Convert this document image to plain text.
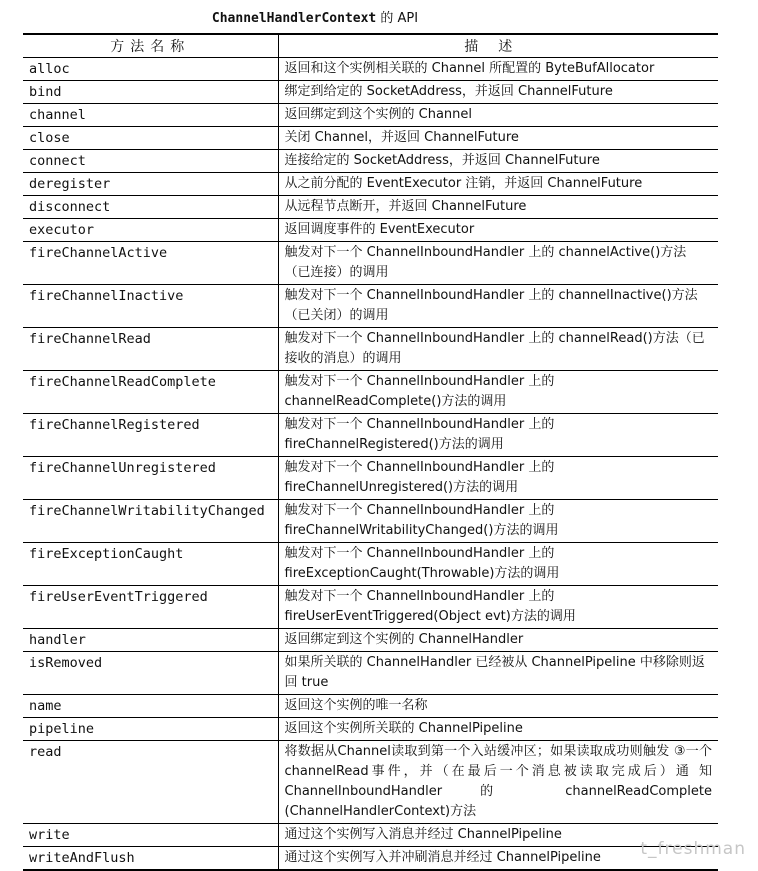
ChannelHandlerContext 的 API
方法名称	描述
alloc	返回和这个实例相关联的 Channel 所配置的 ByteBufAllocator
bind	绑定到给定的 SocketAddress，并返回 ChannelFuture
channel	返回绑定到这个实例的 Channel
close	关闭 Channel，并返回 ChannelFuture
connect	连接给定的 SocketAddress，并返回 ChannelFuture
deregister	从之前分配的 EventExecutor 注销，并返回 ChannelFuture
disconnect	从远程节点断开，并返回 ChannelFuture
executor	返回调度事件的 EventExecutor
fireChannelActive	触发对下一个 ChannelInboundHandler 上的 channelActive()方法（已连接）的调用
fireChannelInactive	触发对下一个 ChannelInboundHandler 上的 channelInactive()方法（已关闭）的调用
fireChannelRead	触发对下一个 ChannelInboundHandler 上的 channelRead()方法（已接收的消息）的调用
fireChannelReadComplete	触发对下一个 ChannelInboundHandler 上的 channelReadComplete()方法的调用
fireChannelRegistered	触发对下一个 ChannelInboundHandler 上的 fireChannelRegistered()方法的调用
fireChannelUnregistered	触发对下一个 ChannelInboundHandler 上的 fireChannelUnregistered()方法的调用
fireChannelWritabilityChanged	触发对下一个 ChannelInboundHandler 上的 fireChannelWritabilityChanged()方法的调用
fireExceptionCaught	触发对下一个 ChannelInboundHandler 上的 fireExceptionCaught(Throwable)方法的调用
fireUserEventTriggered	触发对下一个 ChannelInboundHandler 上的 fireUserEventTriggered(Object evt)方法的调用
handler	返回绑定到这个实例的 ChannelHandler
isRemoved	如果所关联的 ChannelHandler 已经被从 ChannelPipeline 中移除则返回 true
name	返回这个实例的唯一名称
pipeline	返回这个实例所关联的 ChannelPipeline
read	将数据从Channel读取到第一个入站缓冲区；如果读取成功则触发 ③一个channelRead事件，并（在最后一个消息被读取完成后）通 知 ChannelInboundHandler 的 channelReadComplete (ChannelHandlerContext)方法
write	通过这个实例写入消息并经过 ChannelPipeline
writeAndFlush	通过这个实例写入并冲刷消息并经过 ChannelPipeline t_freshman
